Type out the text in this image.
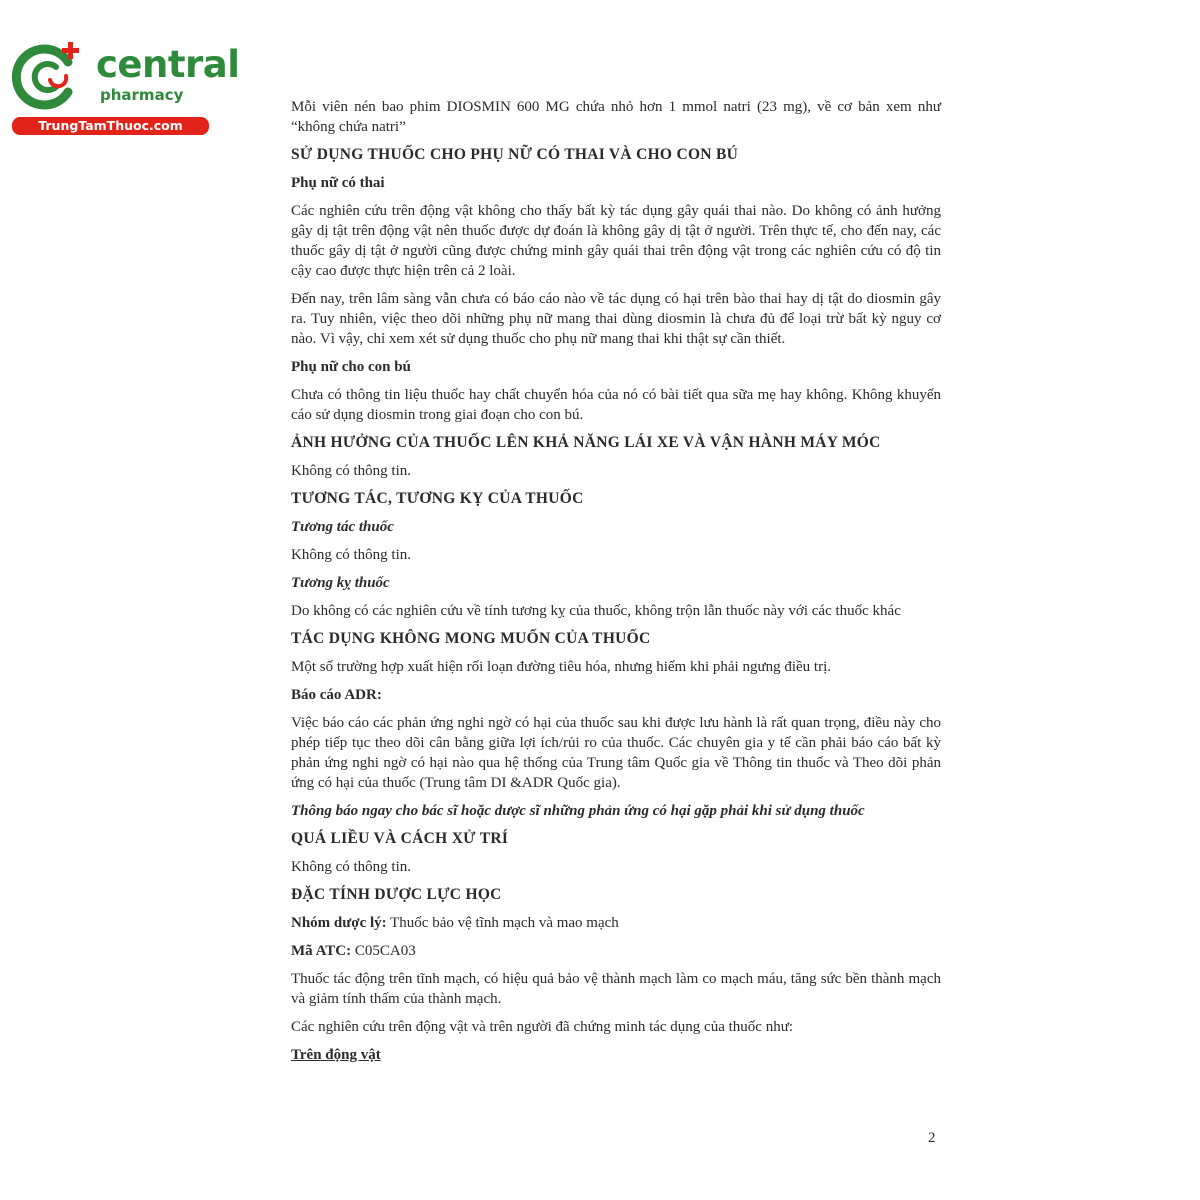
central
pharmacy
TrungTamThuoc.com

Mỗi viên nén bao phim DIOSMIN 600 MG chứa nhỏ hơn 1 mmol natri (23 mg), về cơ bản xem như “không chứa natri”

SỬ DỤNG THUỐC CHO PHỤ NỮ CÓ THAI VÀ CHO CON BÚ
Phụ nữ có thai

Các nghiên cứu trên động vật không cho thấy bất kỳ tác dụng gây quái thai nào. Do không có ảnh hưởng gây dị tật trên động vật nên thuốc được dự đoán là không gây dị tật ở người. Trên thực tế, cho đến nay, các thuốc gây dị tật ở người cũng được chứng minh gây quái thai trên động vật trong các nghiên cứu có độ tin cậy cao được thực hiện trên cả 2 loài.

Đến nay, trên lâm sàng vẫn chưa có báo cáo nào về tác dụng có hại trên bào thai hay dị tật do diosmin gây ra. Tuy nhiên, việc theo dõi những phụ nữ mang thai dùng diosmin là chưa đủ để loại trừ bất kỳ nguy cơ nào. Vì vậy, chỉ xem xét sử dụng thuốc cho phụ nữ mang thai khi thật sự cần thiết.

Phụ nữ cho con bú

Chưa có thông tin liệu thuốc hay chất chuyển hóa của nó có bài tiết qua sữa mẹ hay không. Không khuyến cáo sử dụng diosmin trong giai đoạn cho con bú.

ẢNH HƯỞNG CỦA THUỐC LÊN KHẢ NĂNG LÁI XE VÀ VẬN HÀNH MÁY MÓC

Không có thông tin.

TƯƠNG TÁC, TƯƠNG KỴ CỦA THUỐC
Tương tác thuốc

Không có thông tin.

Tương kỵ thuốc

Do không có các nghiên cứu về tính tương kỵ của thuốc, không trộn lẫn thuốc này với các thuốc khác

TÁC DỤNG KHÔNG MONG MUỐN CỦA THUỐC

Một số trường hợp xuất hiện rối loạn đường tiêu hóa, nhưng hiếm khi phải ngưng điều trị.

Báo cáo ADR:

Việc báo cáo các phản ứng nghi ngờ có hại của thuốc sau khi được lưu hành là rất quan trọng, điều này cho phép tiếp tục theo dõi cân bằng giữa lợi ích/rủi ro của thuốc. Các chuyên gia y tế cần phải báo cáo bất kỳ phản ứng nghi ngờ có hại nào qua hệ thống của Trung tâm Quốc gia về Thông tin thuốc và Theo dõi phản ứng có hại của thuốc (Trung tâm DI &ADR Quốc gia).

Thông báo ngay cho bác sĩ hoặc dược sĩ những phản ứng có hại gặp phải khi sử dụng thuốc

QUÁ LIỀU VÀ CÁCH XỬ TRÍ

Không có thông tin.

ĐẶC TÍNH DƯỢC LỰC HỌC

Nhóm dược lý: Thuốc bảo vệ tĩnh mạch và mao mạch

Mã ATC: C05CA03

Thuốc tác động trên tĩnh mạch, có hiệu quả bảo vệ thành mạch làm co mạch máu, tăng sức bền thành mạch và giảm tính thấm của thành mạch.

Các nghiên cứu trên động vật và trên người đã chứng minh tác dụng của thuốc như:

Trên động vật

2
